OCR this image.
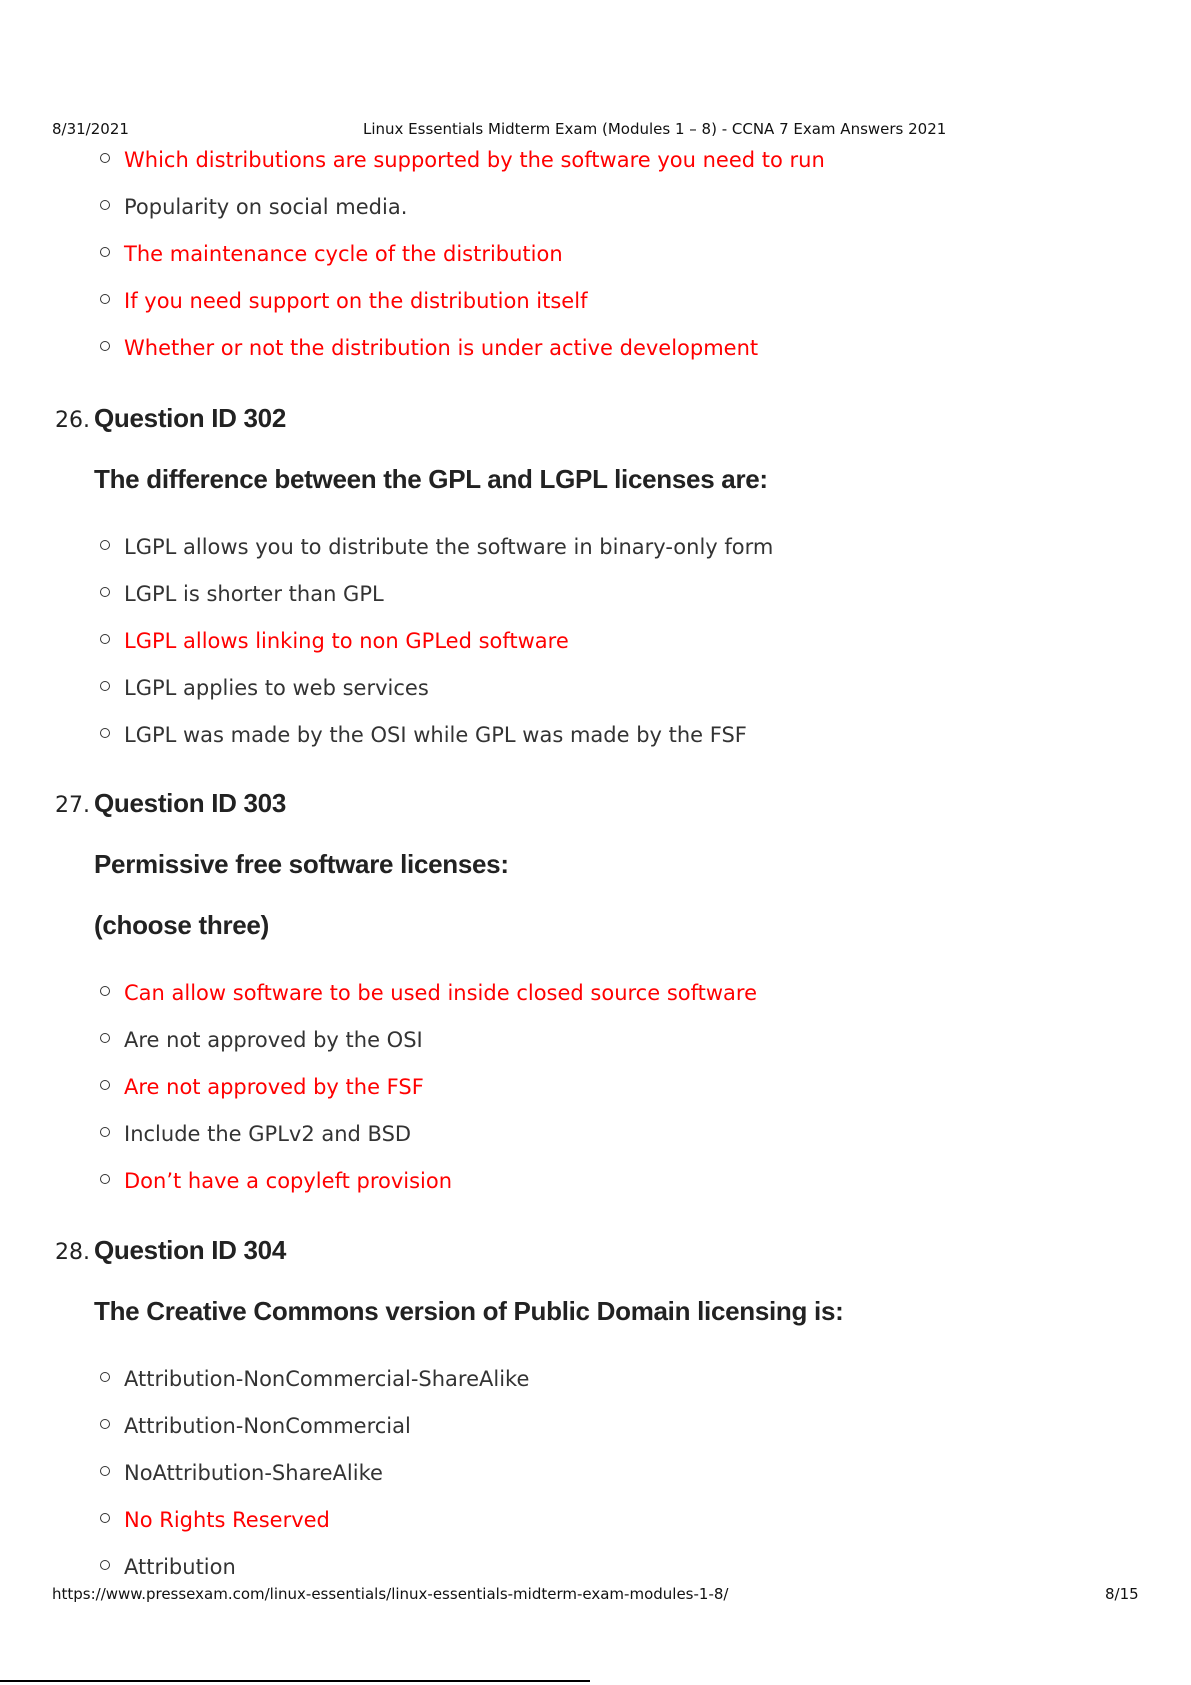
8/31/2021	Linux Essentials Midterm Exam (Modules 1 – 8) - CCNA 7 Exam Answers 2021
Which distributions are supported by the software you need to run
Popularity on social media.
The maintenance cycle of the distribution
If you need support on the distribution itself
Whether or not the distribution is under active development
26. Question ID 302
The difference between the GPL and LGPL licenses are:
LGPL allows you to distribute the software in binary-only form
LGPL is shorter than GPL
LGPL allows linking to non GPLed software
LGPL applies to web services
LGPL was made by the OSI while GPL was made by the FSF
27. Question ID 303
Permissive free software licenses:
(choose three)
Can allow software to be used inside closed source software
Are not approved by the OSI
Are not approved by the FSF
Include the GPLv2 and BSD
Don’t have a copyleft provision
28. Question ID 304
The Creative Commons version of Public Domain licensing is:
Attribution-NonCommercial-ShareAlike
Attribution-NonCommercial
NoAttribution-ShareAlike
No Rights Reserved
Attribution
https://www.pressexam.com/linux-essentials/linux-essentials-midterm-exam-modules-1-8/	8/15
